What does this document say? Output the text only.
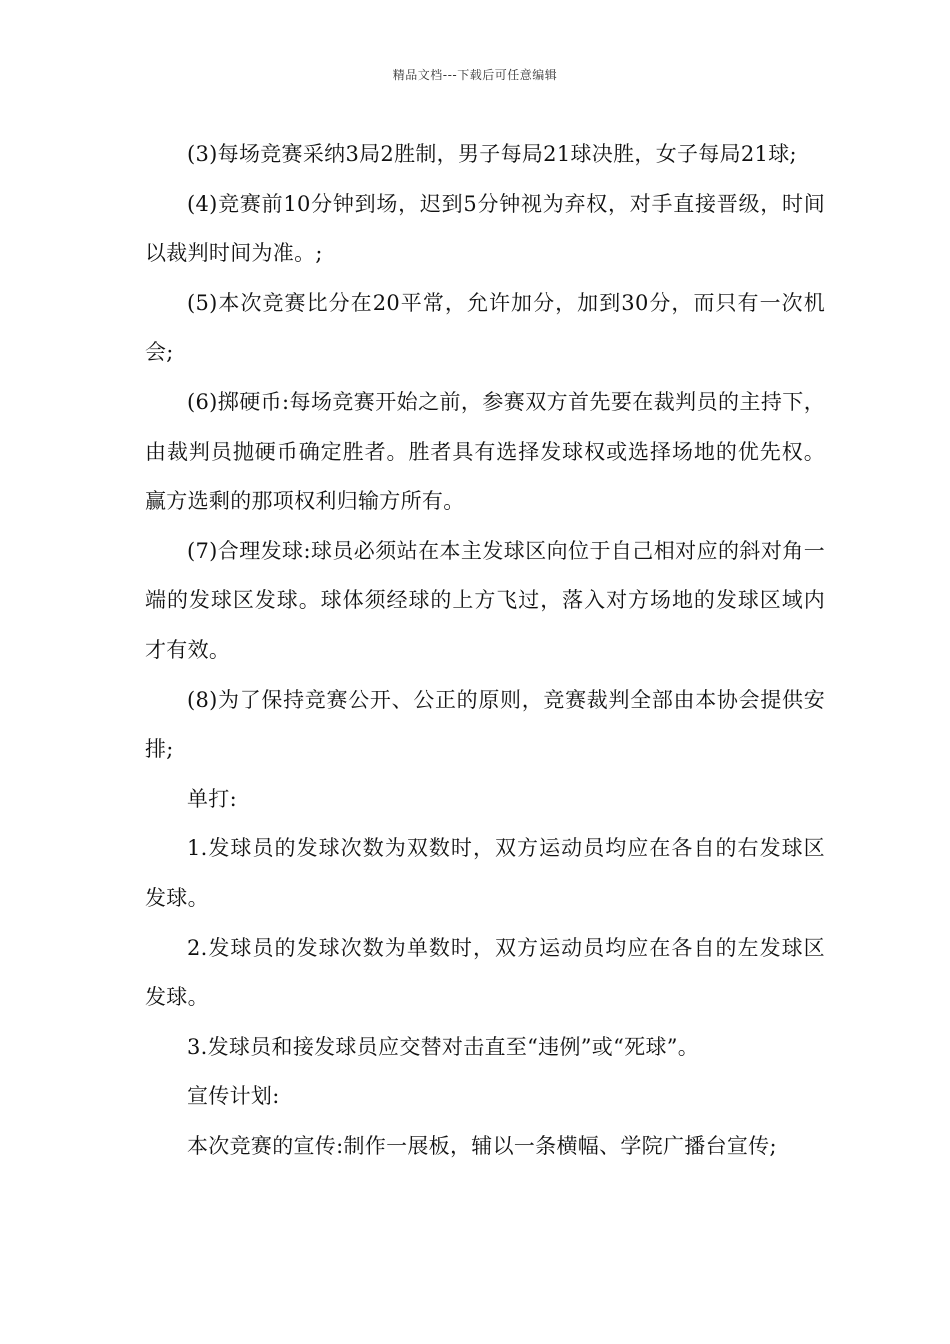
精品文档---下载后可任意编辑

(3)每场竞赛采纳3局2胜制，男子每局21球决胜，女子每局21球;

(4)竞赛前10分钟到场，迟到5分钟视为弃权，对手直接晋级，时间以裁判时间为准。;

(5)本次竞赛比分在20平常，允许加分，加到30分，而只有一次机会;

(6)掷硬币:每场竞赛开始之前，参赛双方首先要在裁判员的主持下，由裁判员抛硬币确定胜者。胜者具有选择发球权或选择场地的优先权。赢方选剩的那项权利归输方所有。

(7)合理发球:球员必须站在本主发球区向位于自己相对应的斜对角一端的发球区发球。球体须经球的上方飞过，落入对方场地的发球区域内才有效。

(8)为了保持竞赛公开、公正的原则，竞赛裁判全部由本协会提供安排;

单打:

1.发球员的发球次数为双数时，双方运动员均应在各自的右发球区发球。

2.发球员的发球次数为单数时，双方运动员均应在各自的左发球区发球。

3.发球员和接发球员应交替对击直至“违例”或“死球”。

宣传计划:

本次竞赛的宣传:制作一展板，辅以一条横幅、学院广播台宣传;
